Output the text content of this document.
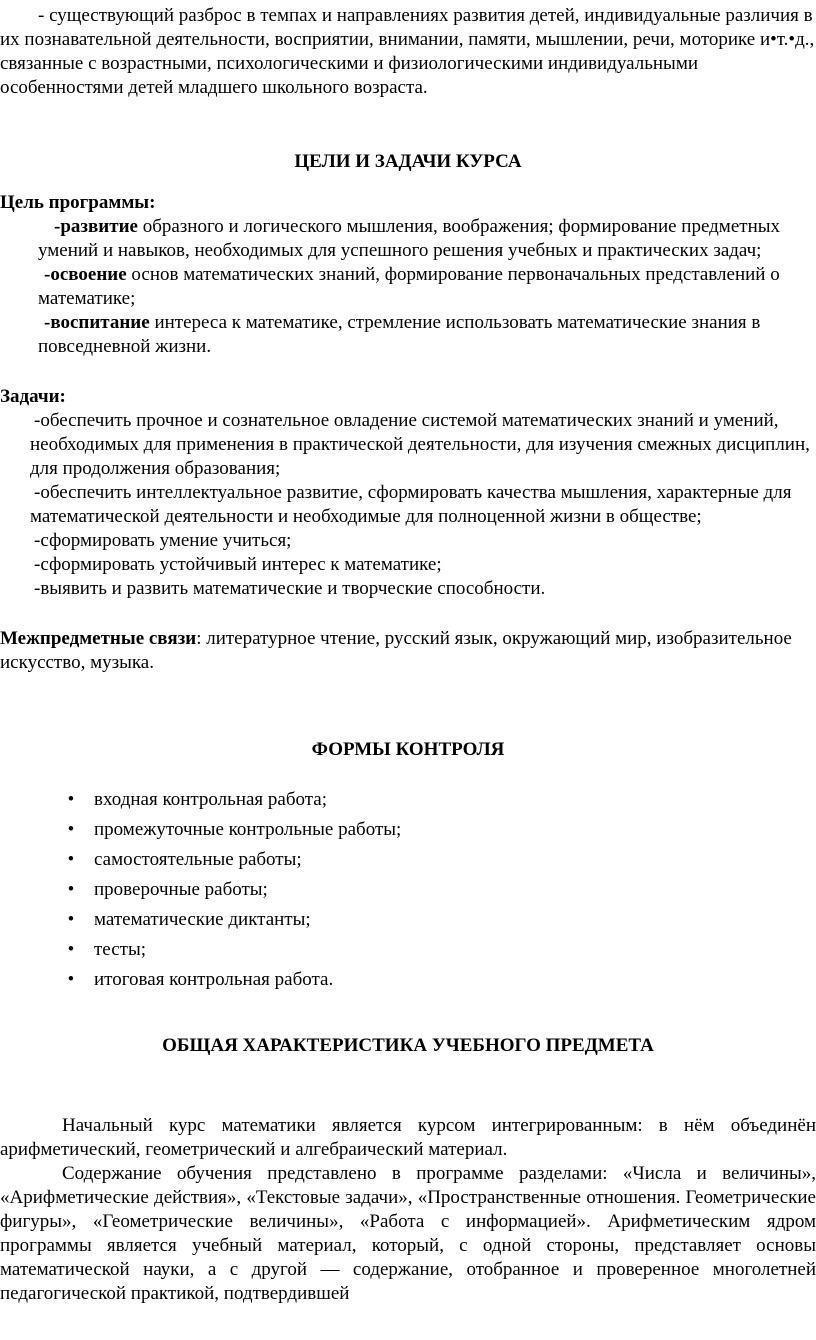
- существующий разброс в темпах и направлениях развития детей, индивидуальные различия в их познавательной деятельности, восприятии, внимании, памяти, мышлении, речи, моторике и•т.•д., связанные с возрастными, психологическими и физиологическими индивидуальными особенностями детей младшего школьного возраста.

ЦЕЛИ И ЗАДАЧИ КУРСА

Цель программы:

-развитие образного и логического мышления, воображения; формирование предметных умений и навыков, необходимых для успешного решения учебных и практических задач;

-освоение основ математических знаний, формирование первоначальных представлений о математике;

-воспитание интереса к математике, стремление использовать математические знания в повседневной жизни.

Задачи:

-обеспечить прочное и сознательное овладение системой математических знаний и умений, необходимых для применения в практической деятельности, для изучения смежных дисциплин, для продолжения образования;

-обеспечить интеллектуальное развитие, сформировать качества мышления, характерные для математической деятельности и необходимые для полноценной жизни в обществе;

-сформировать умение учиться;

-сформировать устойчивый интерес к математике;

-выявить и развить математические и творческие способности.

Межпредметные связи: литературное чтение, русский язык, окружающий мир, изобразительное искусство, музыка.

ФОРМЫ КОНТРОЛЯ

• входная контрольная работа;
• промежуточные контрольные работы;
• самостоятельные работы;
• проверочные работы;
• математические диктанты;
• тесты;
• итоговая контрольная работа.

ОБЩАЯ ХАРАКТЕРИСТИКА УЧЕБНОГО ПРЕДМЕТА

Начальный курс математики является курсом интегрированным: в нём объединён арифметический, геометрический и алгебраический материал.

Содержание обучения представлено в программе разделами: «Числа и величины», «Арифметические действия», «Текстовые задачи», «Пространственные отношения. Геометрические фигуры», «Геометрические величины», «Работа с информацией». Арифметическим ядром программы является учебный материал, который, с одной стороны, представляет основы математической науки, а с другой — содержание, отобранное и проверенное многолетней педагогической практикой, подтвердившей
